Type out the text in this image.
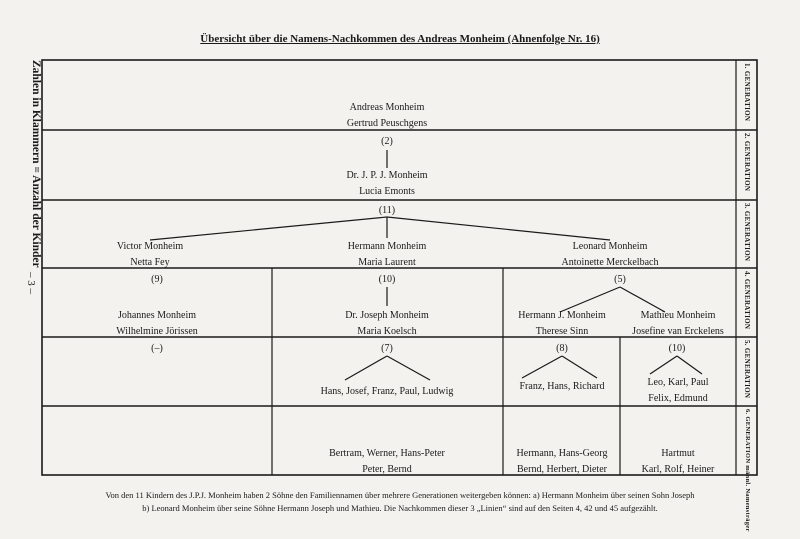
Übersicht über die Namens-Nachkommen des Andreas Monheim (Ahnenfolge Nr. 16)
Zahlen in Klammern = Anzahl der Kinder
– 3 –
1. GENERATION
2. GENERATION
3. GENERATION
4. GENERATION
5. GENERATION
6. GENERATION männl. Namensträger
Andreas Monheim
Gertrud Peuschgens
(2)
Dr. J. P. J. Monheim
Lucia Emonts
(11)
Victor Monheim
Netta Fey
Hermann Monheim
Maria Laurent
Leonard Monheim
Antoinette Merckelbach
(9)
Johannes Monheim
Wilhelmine Jörissen
(10)
Dr. Joseph Monheim
Maria Koelsch
(5)
Hermann J. Monheim
Therese Sinn
Mathieu Monheim
Josefine van Erckelens
(–)	(7)
Hans, Josef, Franz, Paul, Ludwig
(8)
Franz, Hans, Richard
(10)
Leo, Karl, Paul
Felix, Edmund
Bertram, Werner, Hans-Peter
Peter, Bernd
Hermann, Hans-Georg
Bernd, Herbert, Dieter
Hartmut
Karl, Rolf, Heiner
Von den 11 Kindern des J.P.J. Monheim haben 2 Söhne den Familiennamen über mehrere Generationen weitergeben können: a) Hermann Monheim über seinen Sohn Joseph
b) Leonard Monheim über seine Söhne Hermann Joseph und Mathieu. Die Nachkommen dieser 3 „Linien“ sind auf den Seiten 4, 42 und 45 aufgezählt.
